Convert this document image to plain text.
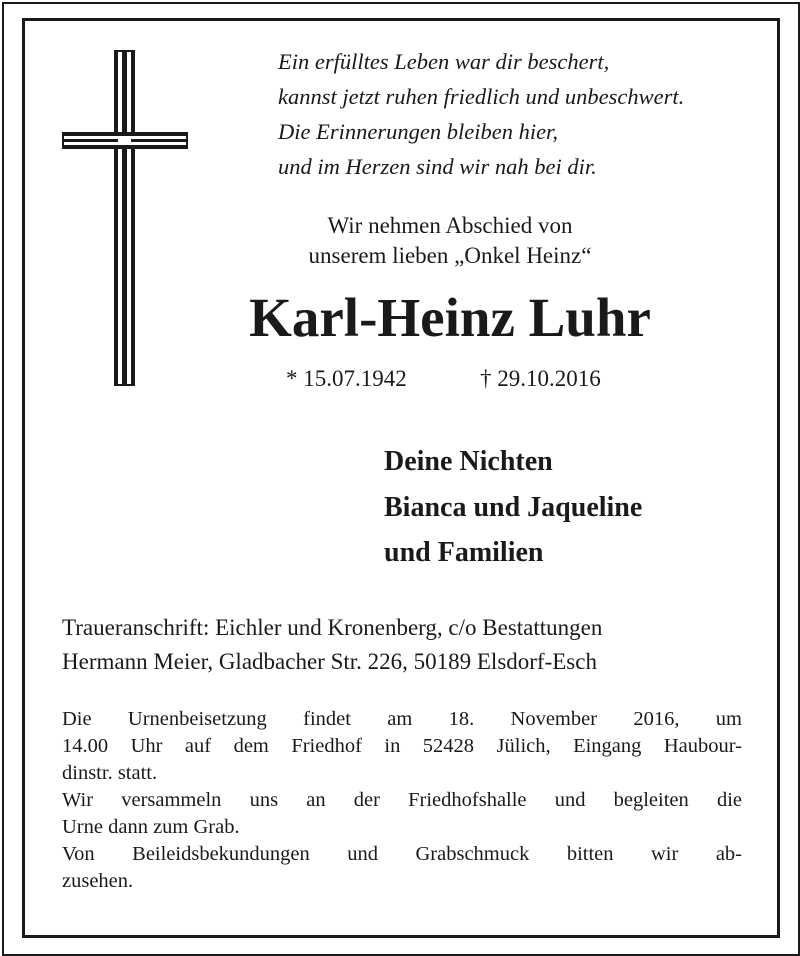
Ein erfülltes Leben war dir beschert,
kannst jetzt ruhen friedlich und unbeschwert.
Die Erinnerungen bleiben hier,
und im Herzen sind wir nah bei dir.
Wir nehmen Abschied von
unserem lieben „Onkel Heinz“
Karl-Heinz Luhr
* 15.07.1942	† 29.10.2016
Deine Nichten
Bianca und Jaqueline
und Familien
Traueranschrift: Eichler und Kronenberg, c/o Bestattungen
Hermann Meier, Gladbacher Str. 226, 50189 Elsdorf-Esch

Die Urnenbeisetzung findet am 18. November 2016, um
14.00 Uhr auf dem Friedhof in 52428 Jülich, Eingang Haubour-
dinstr. statt.

Wir versammeln uns an der Friedhofshalle und begleiten die
Urne dann zum Grab.

Von Beileidsbekundungen und Grabschmuck bitten wir ab-
zusehen.
